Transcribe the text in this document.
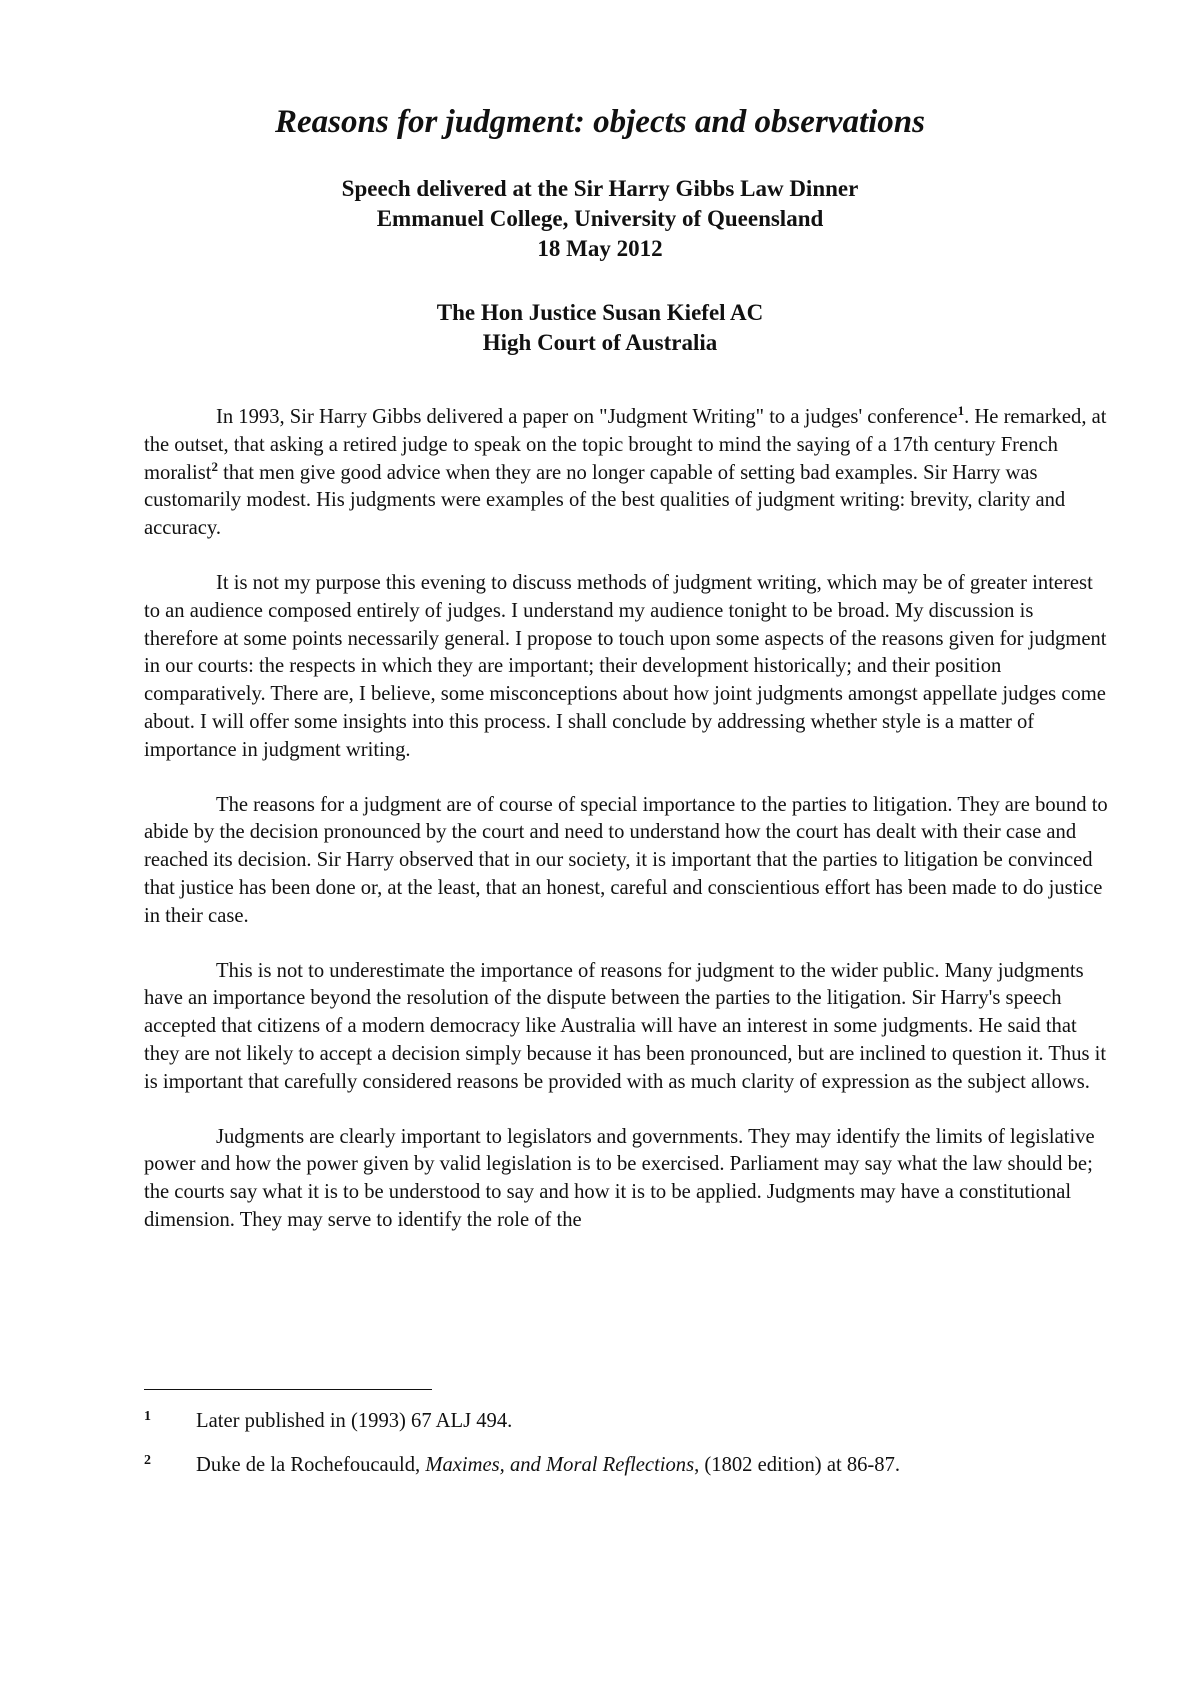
Reasons for judgment: objects and observations
Speech delivered at the Sir Harry Gibbs Law Dinner
Emmanuel College, University of Queensland
18 May 2012
The Hon Justice Susan Kiefel AC
High Court of Australia

In 1993, Sir Harry Gibbs delivered a paper on "Judgment Writing" to a judges' conference$^1$. He remarked, at the outset, that asking a retired judge to speak on the topic brought to mind the saying of a 17th century French moralist$^2$ that men give good advice when they are no longer capable of setting bad examples. Sir Harry was customarily modest. His judgments were examples of the best qualities of judgment writing: brevity, clarity and accuracy.

It is not my purpose this evening to discuss methods of judgment writing, which may be of greater interest to an audience composed entirely of judges. I understand my audience tonight to be broad. My discussion is therefore at some points necessarily general. I propose to touch upon some aspects of the reasons given for judgment in our courts: the respects in which they are important; their development historically; and their position comparatively. There are, I believe, some misconceptions about how joint judgments amongst appellate judges come about. I will offer some insights into this process. I shall conclude by addressing whether style is a matter of importance in judgment writing.

The reasons for a judgment are of course of special importance to the parties to litigation. They are bound to abide by the decision pronounced by the court and need to understand how the court has dealt with their case and reached its decision. Sir Harry observed that in our society, it is important that the parties to litigation be convinced that justice has been done or, at the least, that an honest, careful and conscientious effort has been made to do justice in their case.

This is not to underestimate the importance of reasons for judgment to the wider public. Many judgments have an importance beyond the resolution of the dispute between the parties to the litigation. Sir Harry's speech accepted that citizens of a modern democracy like Australia will have an interest in some judgments. He said that they are not likely to accept a decision simply because it has been pronounced, but are inclined to question it. Thus it is important that carefully considered reasons be provided with as much clarity of expression as the subject allows.

Judgments are clearly important to legislators and governments. They may identify the limits of legislative power and how the power given by valid legislation is to be exercised. Parliament may say what the law should be; the courts say what it is to be understood to say and how it is to be applied. Judgments may have a constitutional dimension. They may serve to identify the role of the

1 Later published in (1993) 67 ALJ 494.
2 Duke de la Rochefoucauld, Maximes, and Moral Reflections, (1802 edition) at 86-87.
